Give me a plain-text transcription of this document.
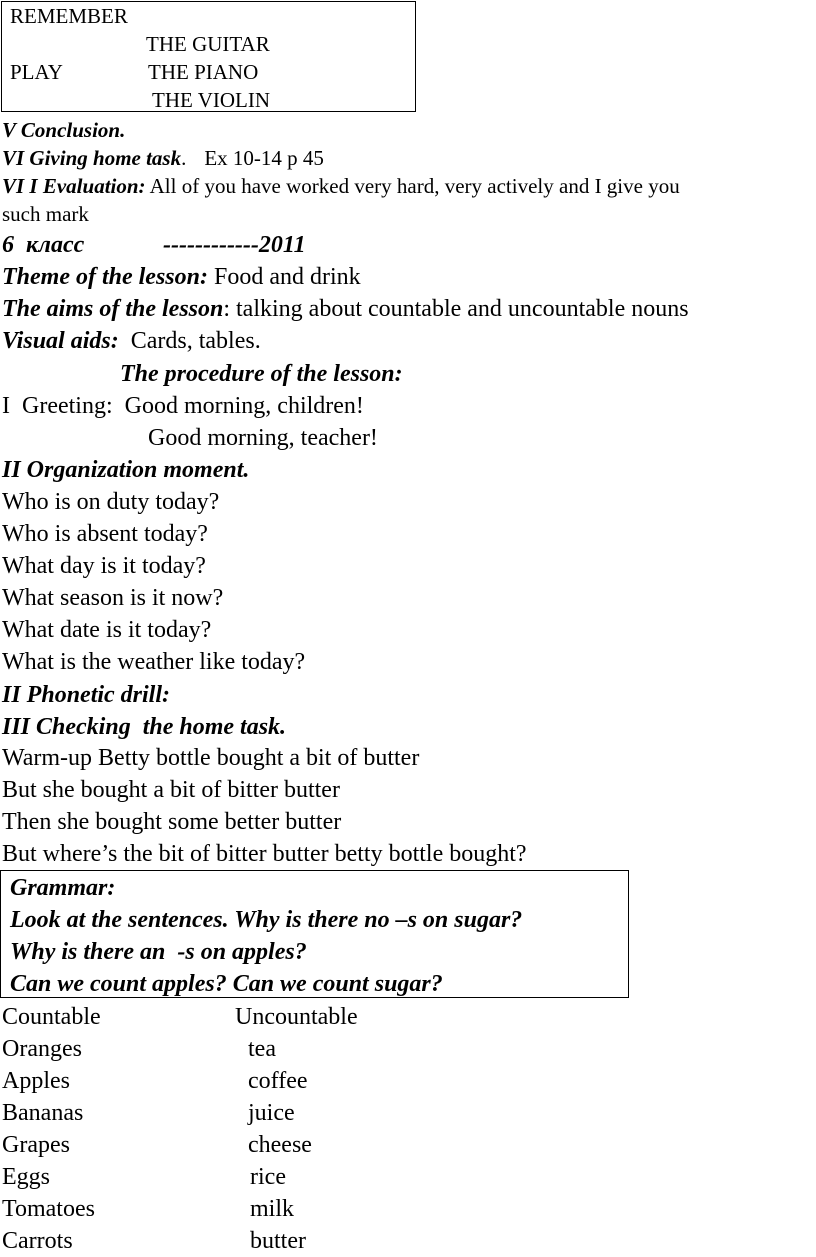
REMEMBER
THE GUITAR
PLAY	THE PIANO
THE VIOLIN
V Conclusion.
VI Giving home task. Ex 10-14 p 45
VI I Evaluation: All of you have worked very hard, very actively and I give you
such mark
6  класс	------------2011
Theme of the lesson: Food and drink
The aims of the lesson: talking about countable and uncountable nouns
Visual aids:  Cards, tables.
The procedure of the lesson:
I  Greeting:  Good morning, children!
Good morning, teacher!
II Organization moment.
Who is on duty today?
Who is absent today?
What day is it today?
What season is it now?
What date is it today?
What is the weather like today?
II Phonetic drill:
III Checking  the home task.
Warm-up Betty bottle bought a bit of butter
But she bought a bit of bitter butter
Then she bought some better butter
But where’s the bit of bitter butter betty bottle bought?
Grammar:
Look at the sentences. Why is there no –s on sugar?
Why is there an  -s on apples?
Can we count apples? Can we count sugar?
Countable	Uncountable
Oranges	tea
Apples	coffee
Bananas	juice
Grapes	cheese
Eggs	rice
Tomatoes	milk
Carrots	butter
